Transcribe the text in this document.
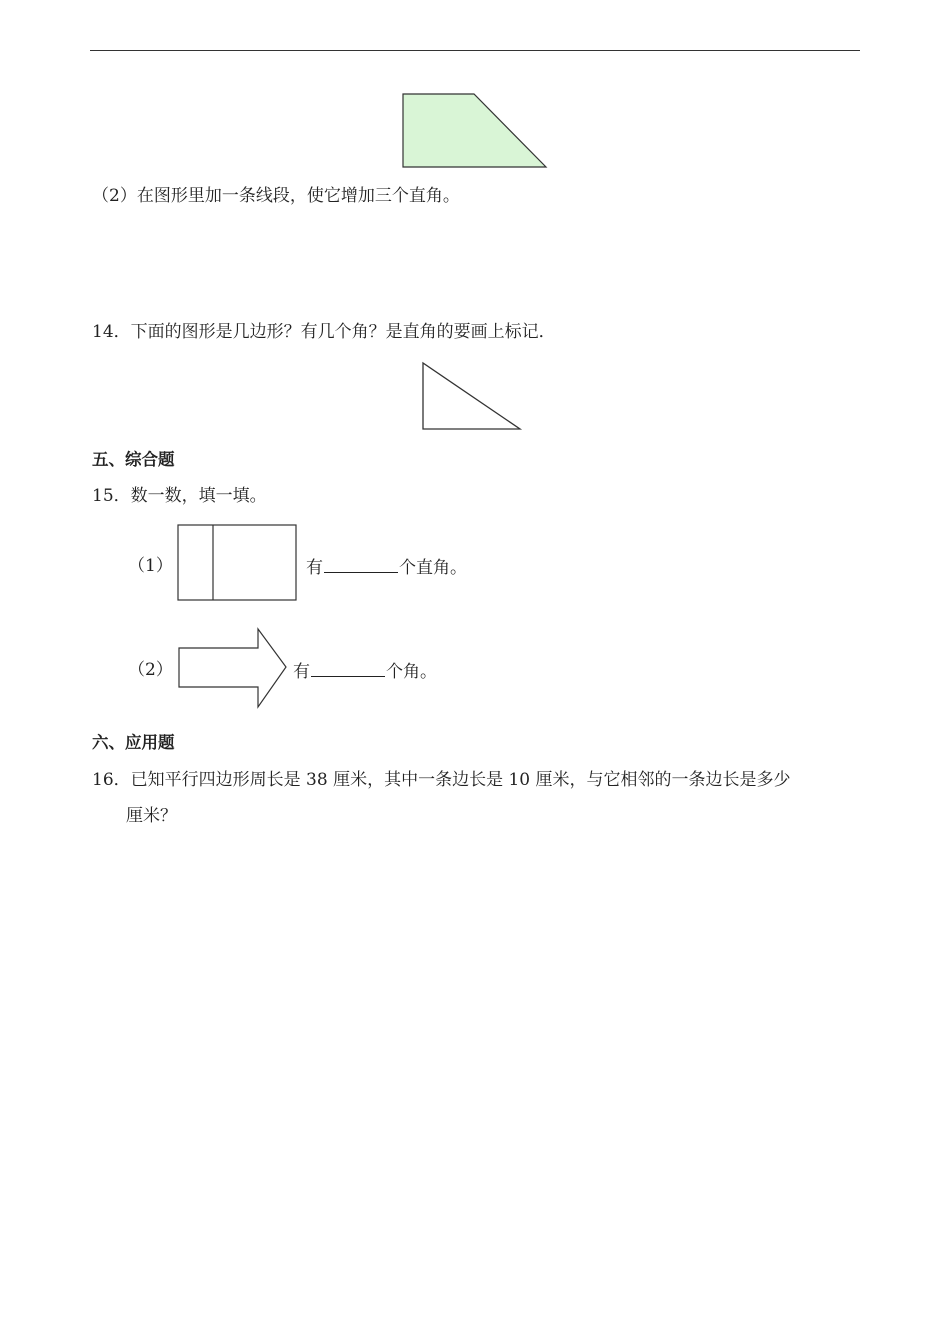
（2）在图形里加一条线段，使它增加三个直角。
14．下面的图形是几边形？有几个角？是直角的要画上标记．
五、综合题
15．数一数，填一填。
（1）	有	个直角。
（2）	有	个角。
六、应用题
16．已知平行四边形周长是 38 厘米，其中一条边长是 10 厘米，与它相邻的一条边长是多少
厘米？
